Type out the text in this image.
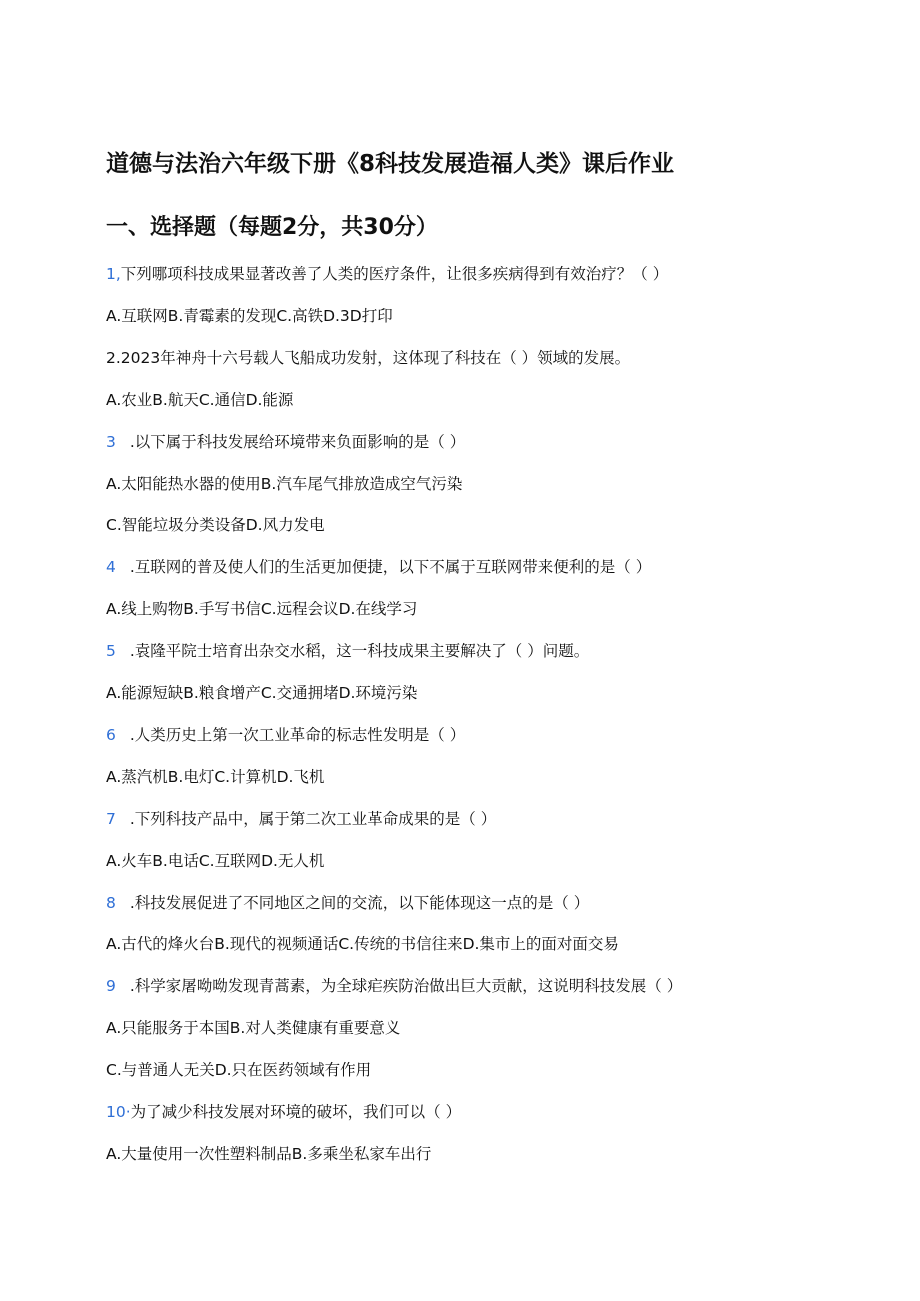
道德与法治六年级下册《8科技发展造福人类》课后作业
一、选择题（每题2分，共30分）
1,下列哪项科技成果显著改善了人类的医疗条件，让很多疾病得到有效治疗？（ ）
A.互联网B.青霉素的发现C.高铁D.3D打印
2.2023年神舟十六号载人飞船成功发射，这体现了科技在（ ）领域的发展。
A.农业B.航天C.通信D.能源
3 .以下属于科技发展给环境带来负面影响的是（ ）
A.太阳能热水器的使用B.汽车尾气排放造成空气污染
C.智能垃圾分类设备D.风力发电
4 .互联网的普及使人们的生活更加便捷，以下不属于互联网带来便利的是（ ）
A.线上购物B.手写书信C.远程会议D.在线学习
5 .袁隆平院士培育出杂交水稻，这一科技成果主要解决了（ ）问题。
A.能源短缺B.粮食增产C.交通拥堵D.环境污染
6 .人类历史上第一次工业革命的标志性发明是（ ）
A.蒸汽机B.电灯C.计算机D.飞机
7 .下列科技产品中，属于第二次工业革命成果的是（ ）
A.火车B.电话C.互联网D.无人机
8 .科技发展促进了不同地区之间的交流，以下能体现这一点的是（ ）
A.古代的烽火台B.现代的视频通话C.传统的书信往来D.集市上的面对面交易
9 .科学家屠呦呦发现青蒿素，为全球疟疾防治做出巨大贡献，这说明科技发展（ ）
A.只能服务于本国B.对人类健康有重要意义
C.与普通人无关D.只在医药领域有作用
10·为了减少科技发展对环境的破坏，我们可以（ ）
A.大量使用一次性塑料制品B.多乘坐私家车出行
